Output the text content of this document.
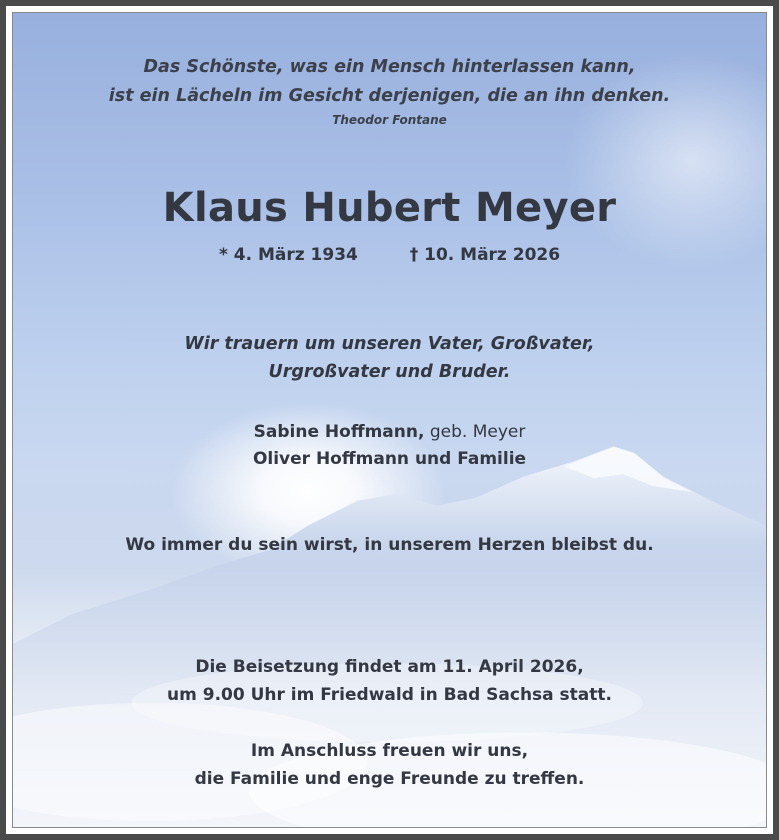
Das Schönste, was ein Mensch hinterlassen kann,
ist ein Lächeln im Gesicht derjenigen, die an ihn denken.
Theodor Fontane
Klaus Hubert Meyer
* 4. März 1934	† 10. März 2026
Wir trauern um unseren Vater, Großvater,
Urgroßvater und Bruder.
Sabine Hoffmann, geb. Meyer
Oliver Hoffmann und Familie
Wo immer du sein wirst, in unserem Herzen bleibst du.
Die Beisetzung findet am 11. April 2026,
um 9.00 Uhr im Friedwald in Bad Sachsa statt.
Im Anschluss freuen wir uns,
die Familie und enge Freunde zu treffen.
